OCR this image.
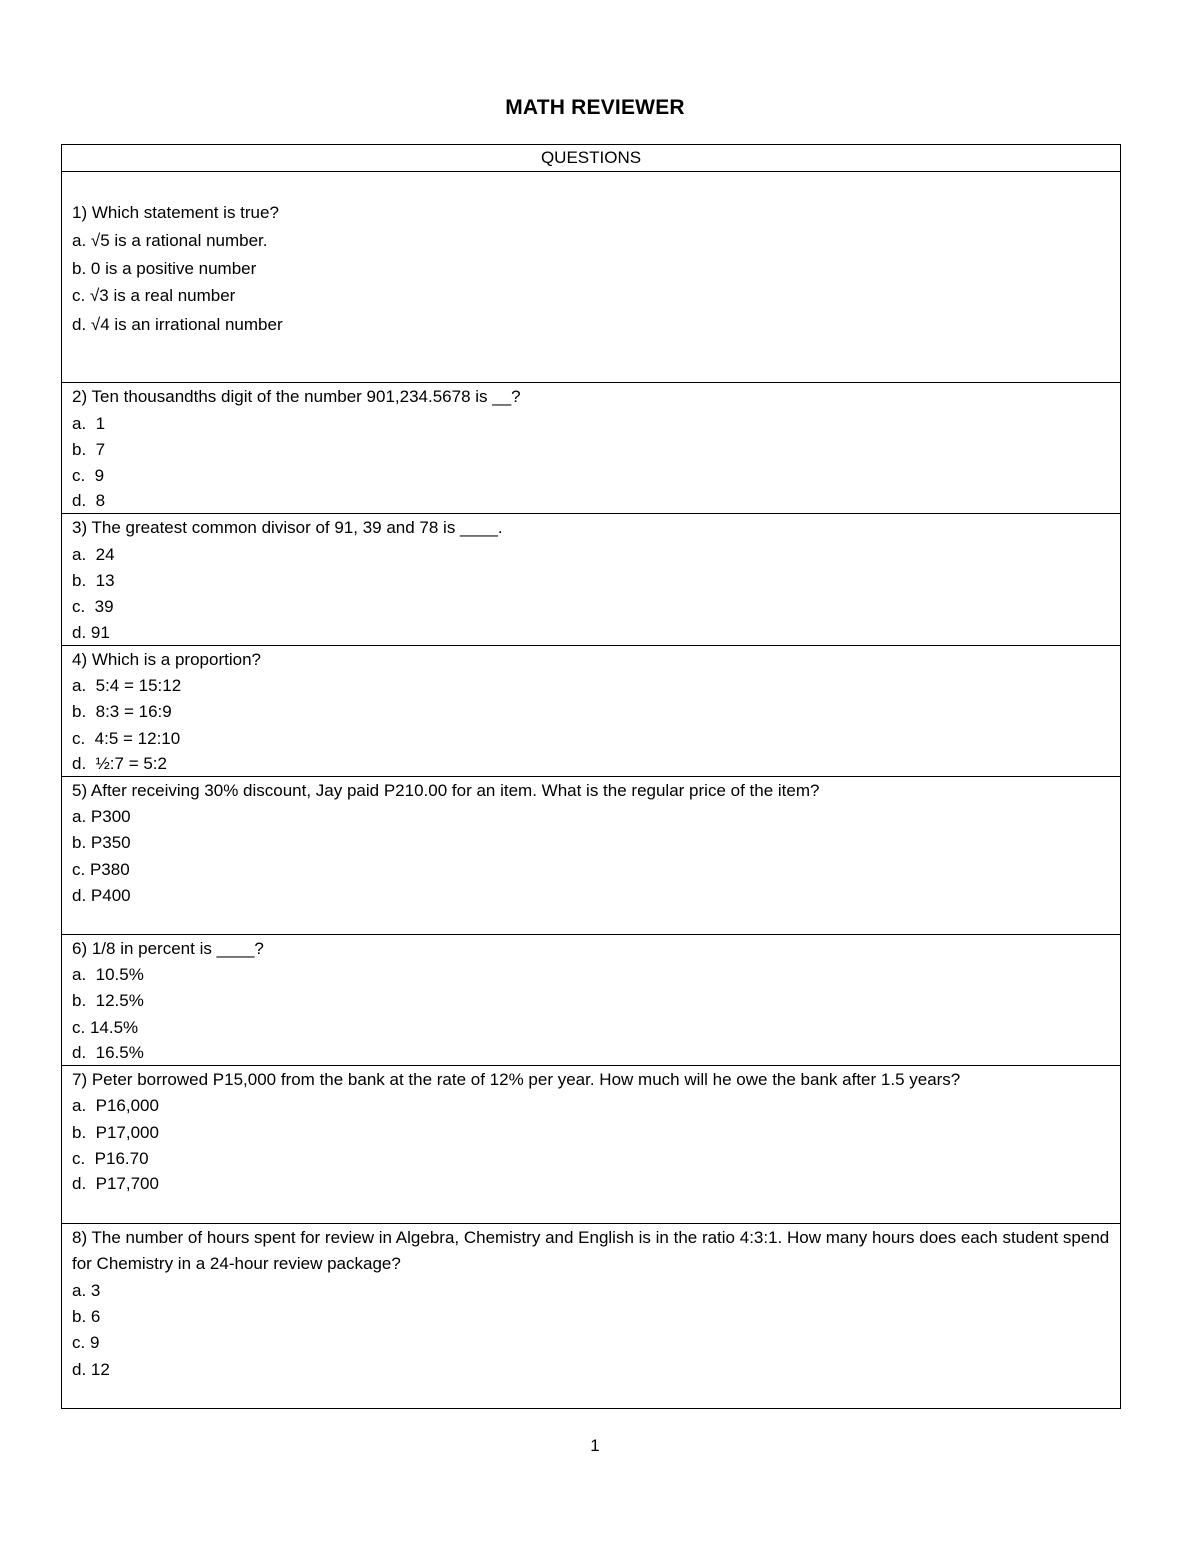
MATH REVIEWER
QUESTIONS

1) Which statement is true?
a. √5 is a rational number.
b. 0 is a positive number
c. √3 is a real number
d. √4 is an irrational number

2) Ten thousandths digit of the number 901,234.5678 is __?
a.  1
b.  7
c.  9
d.  8

3) The greatest common divisor of 91, 39 and 78 is ____.
a.  24
b.  13
c.  39
d. 91

4) Which is a proportion?
a.  5:4 = 15:12
b.  8:3 = 16:9
c.  4:5 = 12:10
d.  ½:7 = 5:2

5) After receiving 30% discount, Jay paid P210.00 for an item. What is the regular price of the item?
a. P300
b. P350
c. P380
d. P400

6) 1/8 in percent is ____?
a.  10.5%
b.  12.5%
c. 14.5%
d.  16.5%

7) Peter borrowed P15,000 from the bank at the rate of 12% per year. How much will he owe the bank after 1.5 years?
a.  P16,000
b.  P17,000
c.  P16.70
d.  P17,700

8) The number of hours spent for review in Algebra, Chemistry and English is in the ratio 4:3:1. How many hours does each student spend for Chemistry in a 24-hour review package?
a. 3
b. 6
c. 9
d. 12
1
